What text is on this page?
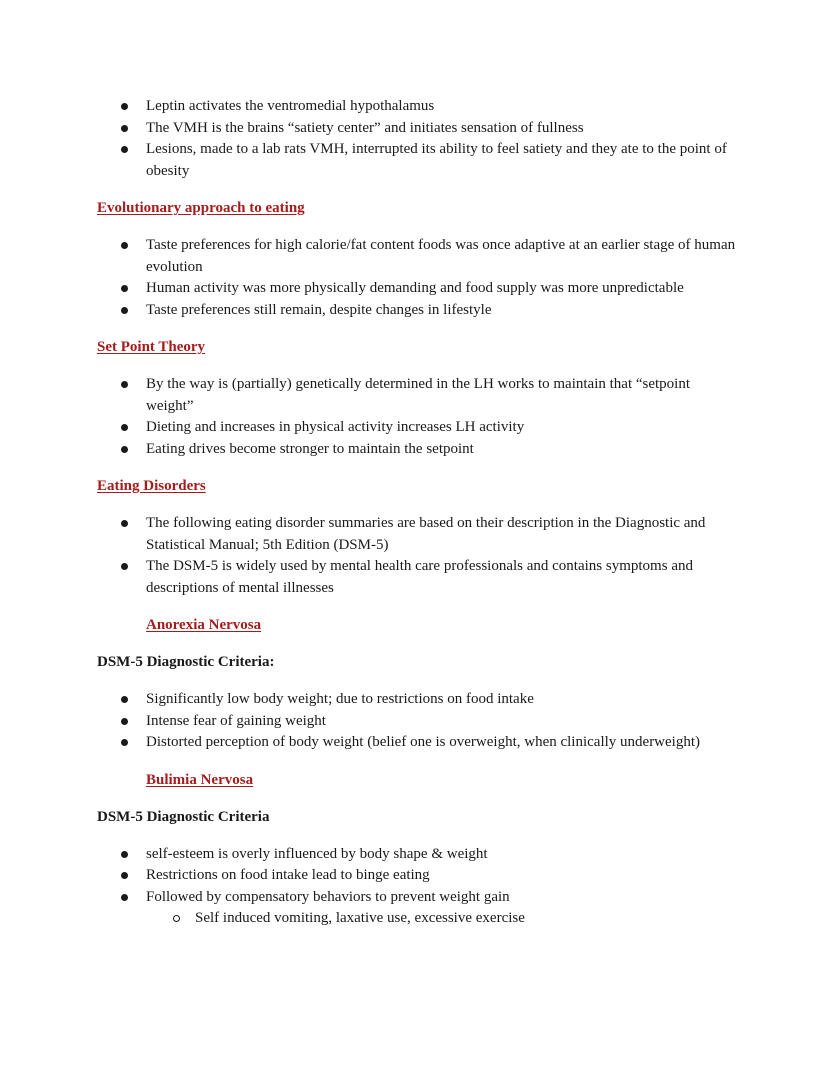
Leptin activates the ventromedial hypothalamus
The VMH is the brains “satiety center” and initiates sensation of fullness
Lesions, made to a lab rats VMH, interrupted its ability to feel satiety and they ate to the point of obesity
Evolutionary approach to eating
Taste preferences for high calorie/fat content foods was once adaptive at an earlier stage of human evolution
Human activity was more physically demanding and food supply was more unpredictable
Taste preferences still remain, despite changes in lifestyle
Set Point Theory
By the way is (partially) genetically determined in the LH works to maintain that “setpoint weight”
Dieting and increases in physical activity increases LH activity
Eating drives become stronger to maintain the setpoint
Eating Disorders
The following eating disorder summaries are based on their description in the Diagnostic and Statistical Manual; 5th Edition (DSM-5)
The DSM-5 is widely used by mental health care professionals and contains symptoms and descriptions of mental illnesses
Anorexia Nervosa
DSM-5 Diagnostic Criteria:
Significantly low body weight; due to restrictions on food intake
Intense fear of gaining weight
Distorted perception of body weight (belief one is overweight, when clinically underweight)
Bulimia Nervosa
DSM-5 Diagnostic Criteria
self-esteem is overly influenced by body shape & weight
Restrictions on food intake lead to binge eating
Followed by compensatory behaviors to prevent weight gain
Self induced vomiting, laxative use, excessive exercise
